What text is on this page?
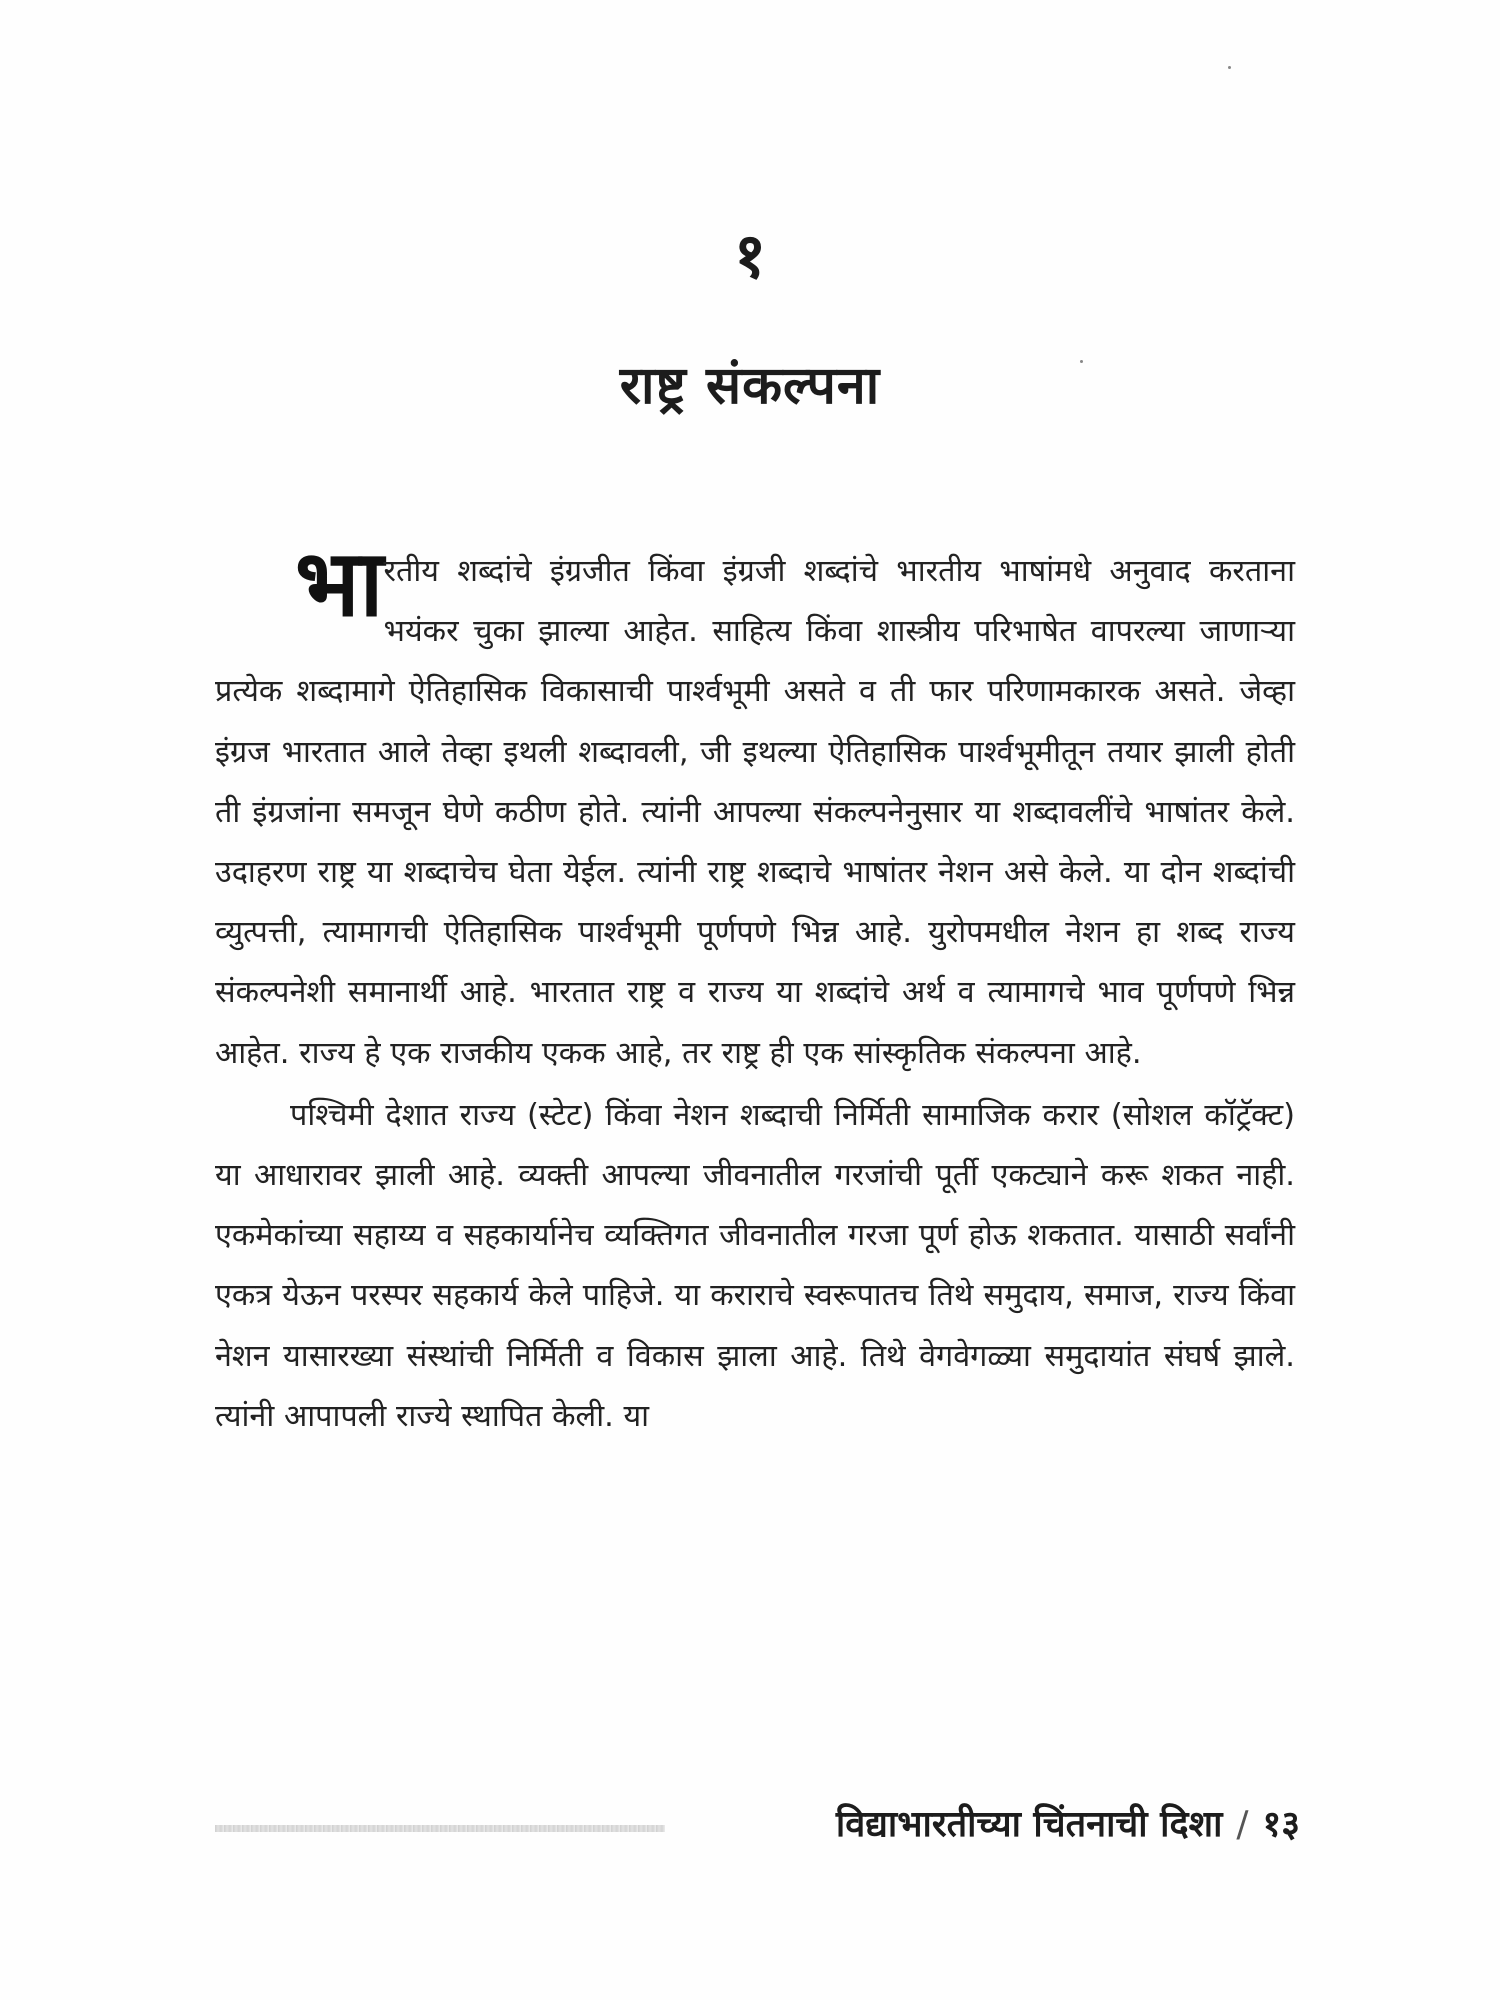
१
राष्ट्र संकल्पना

भारतीय शब्दांचे इंग्रजीत किंवा इंग्रजी शब्दांचे भारतीय भाषांमधे अनुवाद करताना भयंकर चुका झाल्या आहेत. साहित्य किंवा शास्त्रीय परिभाषेत वापरल्या जाणाऱ्या प्रत्येक शब्दामागे ऐतिहासिक विकासाची पार्श्वभूमी असते व ती फार परिणामकारक असते. जेव्हा इंग्रज भारतात आले तेव्हा इथली शब्दावली, जी इथल्या ऐतिहासिक पार्श्वभूमीतून तयार झाली होती ती इंग्रजांना समजून घेणे कठीण होते. त्यांनी आपल्या संकल्पनेनुसार या शब्दावलींचे भाषांतर केले. उदाहरण राष्ट्र या शब्दाचेच घेता येईल. त्यांनी राष्ट्र शब्दाचे भाषांतर नेशन असे केले. या दोन शब्दांची व्युत्पत्ती, त्यामागची ऐतिहासिक पार्श्वभूमी पूर्णपणे भिन्न आहे. युरोपमधील नेशन हा शब्द राज्य संकल्पनेशी समानार्थी आहे. भारतात राष्ट्र व राज्य या शब्दांचे अर्थ व त्यामागचे भाव पूर्णपणे भिन्न आहेत. राज्य हे एक राजकीय एकक आहे, तर राष्ट्र ही एक सांस्कृतिक संकल्पना आहे.

पश्चिमी देशात राज्य (स्टेट) किंवा नेशन शब्दाची निर्मिती सामाजिक करार (सोशल कॉट्रॅक्ट) या आधारावर झाली आहे. व्यक्ती आपल्या जीवनातील गरजांची पूर्ती एकट्याने करू शकत नाही. एकमेकांच्या सहाय्य व सहकार्यानेच व्यक्तिगत जीवनातील गरजा पूर्ण होऊ शकतात. यासाठी सर्वांनी एकत्र येऊन परस्पर सहकार्य केले पाहिजे. या कराराचे स्वरूपातच तिथे समुदाय, समाज, राज्य किंवा नेशन यासारख्या संस्थांची निर्मिती व विकास झाला आहे. तिथे वेगवेगळ्या समुदायांत संघर्ष झाले. त्यांनी आपापली राज्ये स्थापित केली. या

विद्याभारतीच्या चिंतनाची दिशा / १३
